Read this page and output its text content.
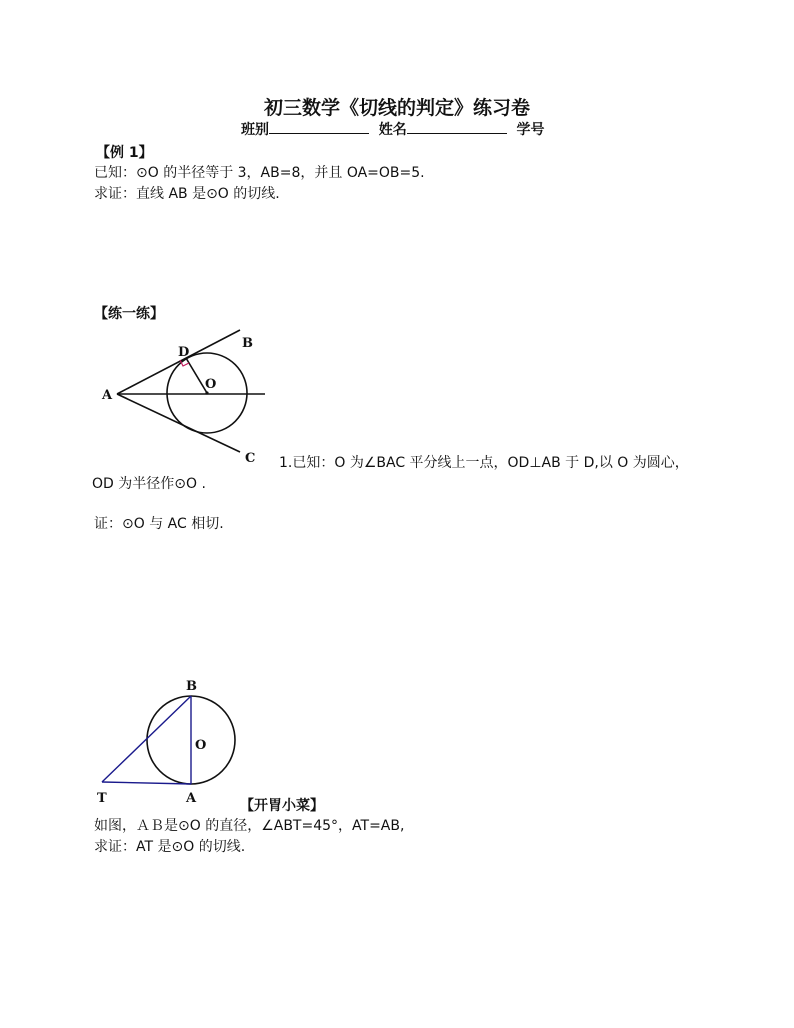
初三数学《切线的判定》练习卷
班别	姓名	学号
【例 1】
已知：⊙O 的半径等于 3，AB=8，并且 OA=OB=5.
求证：直线 AB 是⊙O 的切线.
【练一练】
A
B
C
D
O
1.已知：O 为∠BAC 平分线上一点，OD⊥AB 于 D,以 O 为圆心，
OD 为半径作⊙O .
证：⊙O 与 AC 相切.
B
O
T	A	【开胃小菜】
如图，ＡＢ是⊙O 的直径，∠ABT=45°，AT=AB,
求证：AT 是⊙O 的切线.
